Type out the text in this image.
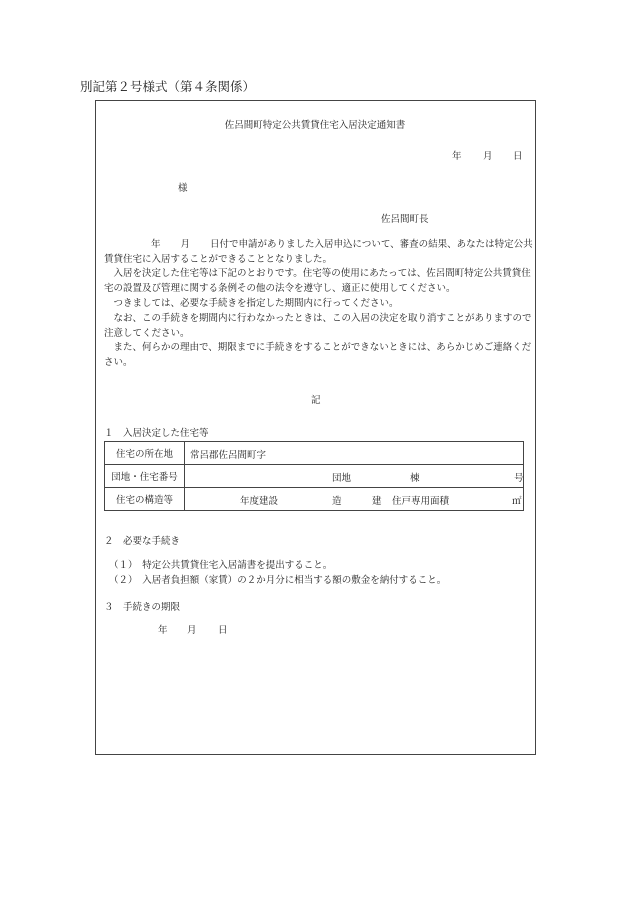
別記第２号様式（第４条関係）
佐呂間町特定公共賃貸住宅入居決定通知書
年 月 日
様
佐呂間町長
年 月 日付で申請がありました入居申込について、審査の結果、あなたは特定公共賃貸住宅に入居することができることとなりました。
入居を決定した住宅等は下記のとおりです。住宅等の使用にあたっては、佐呂間町特定公共賃貸住宅の設置及び管理に関する条例その他の法令を遵守し、適正に使用してください。
つきましては、必要な手続きを指定した期間内に行ってください。
なお、この手続きを期間内に行わなかったときは、この入居の決定を取り消すことがありますので注意してください。
また、何らかの理由で、期限までに手続きをすることができないときには、あらかじめご連絡ください。
記
１　入居決定した住宅等
住宅の所在地	常呂郡佐呂間町字

団地・住宅番号	団地 棟 号

住宅の構造等	年度建設 造 建 住戸専用面積 ㎡
２　必要な手続き
（１）　特定公共賃貸住宅入居請書を提出すること。
（２）　入居者負担額（家賃）の２か月分に相当する額の敷金を納付すること。
３　手続きの期限
年 月 日
